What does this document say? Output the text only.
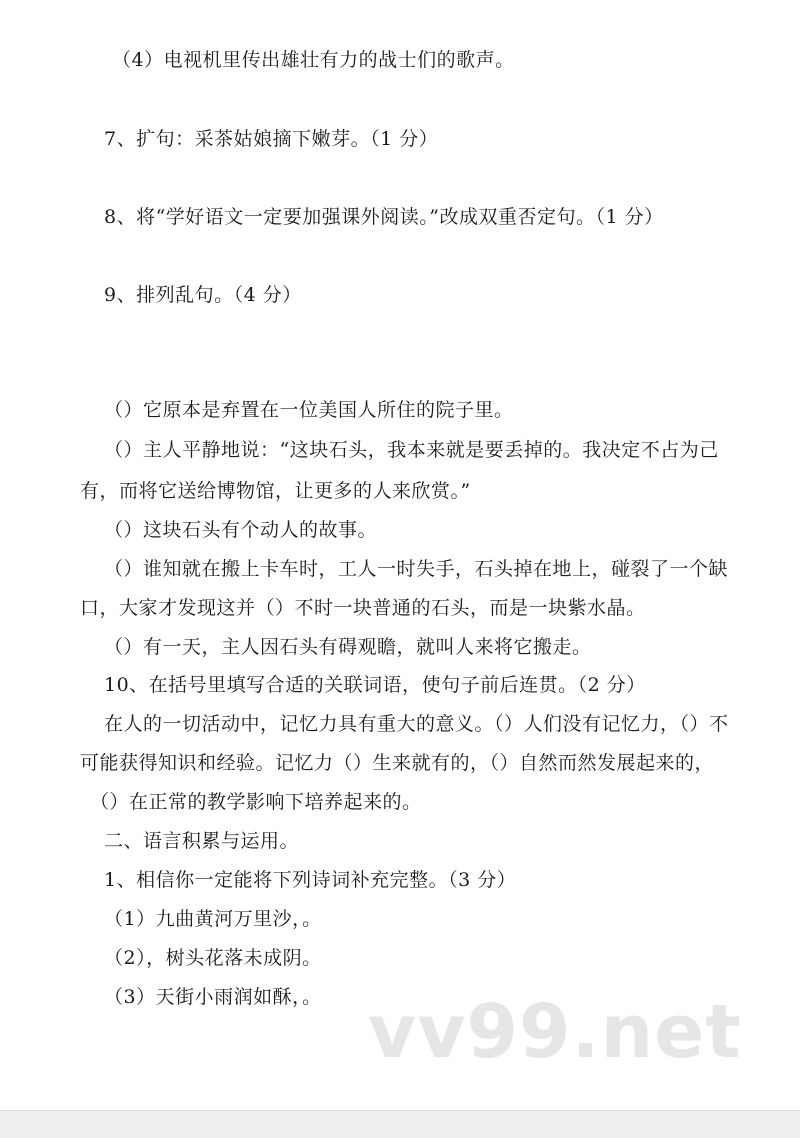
（4）电视机里传出雄壮有力的战士们的歌声。
7、扩句：采茶姑娘摘下嫩芽。（1 分）
8、将“学好语文一定要加强课外阅读。”改成双重否定句。（1 分）
9、排列乱句。（4 分）
（）它原本是弃置在一位美国人所住的院子里。
（）主人平静地说：“这块石头，我本来就是要丢掉的。我决定不占为己
有，而将它送给博物馆，让更多的人来欣赏。”
（）这块石头有个动人的故事。
（）谁知就在搬上卡车时，工人一时失手，石头掉在地上，碰裂了一个缺
口，大家才发现这并（）不时一块普通的石头，而是一块紫水晶。
（）有一天，主人因石头有碍观瞻，就叫人来将它搬走。
10、在括号里填写合适的关联词语，使句子前后连贯。（2 分）
在人的一切活动中，记忆力具有重大的意义。（）人们没有记忆力，（）不
可能获得知识和经验。记忆力（）生来就有的，（）自然而然发展起来的，
（）在正常的教学影响下培养起来的。
二、语言积累与运用。
1、相信你一定能将下列诗词补充完整。（3 分）
（1）九曲黄河万里沙，。
（2），树头花落未成阴。
（3）天街小雨润如酥，。 vv99.net
